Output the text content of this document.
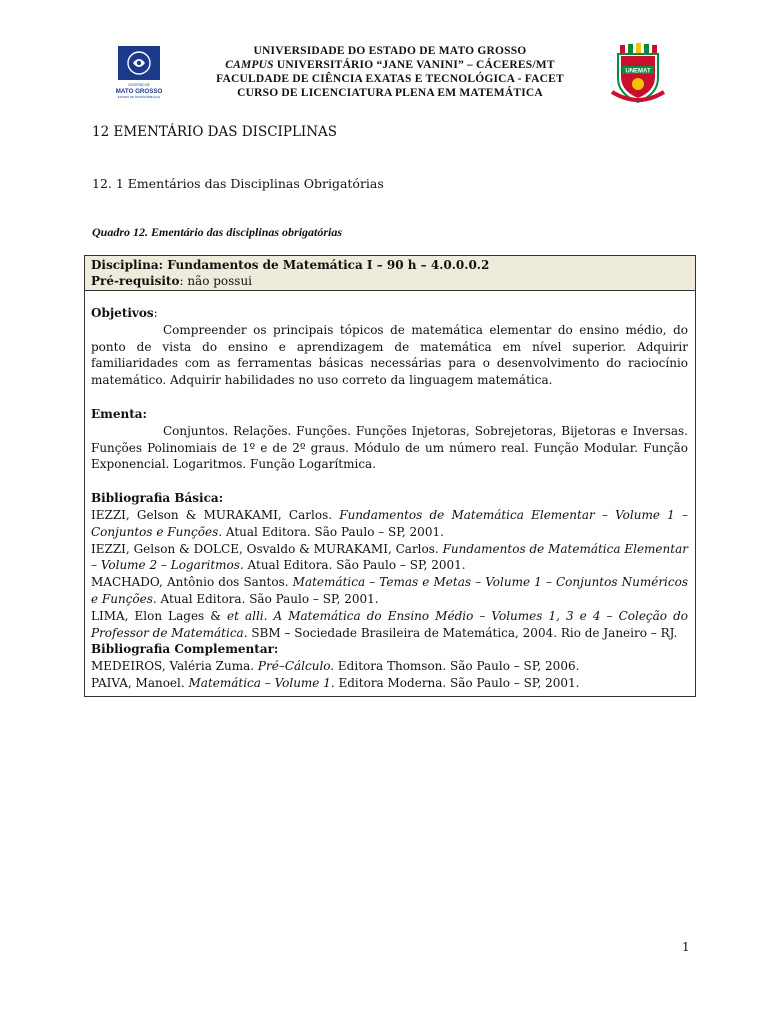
GOVERNO DE
MATO GROSSO
ESTADO DE TRANSFORMAÇÃO
UNIVERSIDADE DO ESTADO DE MATO GROSSO
CAMPUS UNIVERSITÁRIO “JANE VANINI” – CÁCERES/MT
FACULDADE DE CIÊNCIA EXATAS E TECNOLÓGICA - FACET
CURSO DE LICENCIATURA PLENA EM MATEMÁTICA
UNEMAT
12 EMENTÁRIO DAS DISCIPLINAS
12. 1 Ementários das Disciplinas Obrigatórias
Quadro 12. Ementário das disciplinas obrigatórias
Disciplina: Fundamentos de Matemática I – 90 h – 4.0.0.0.2
Pré-requisito: não possui
Objetivos:
Compreender os principais tópicos de matemática elementar do ensino médio, do ponto de vista do ensino e aprendizagem de matemática em nível superior. Adquirir familiaridades com as ferramentas básicas necessárias para o desenvolvimento do raciocínio matemático. Adquirir habilidades no uso correto da linguagem matemática.
Ementa:
Conjuntos. Relações. Funções. Funções Injetoras, Sobrejetoras, Bijetoras e Inversas. Funções Polinomiais de 1º e de 2º graus. Módulo de um número real. Função Modular. Função Exponencial. Logaritmos. Função Logarítmica.
Bibliografia Básica:
IEZZI, Gelson & MURAKAMI, Carlos. Fundamentos de Matemática Elementar – Volume 1 – Conjuntos e Funções. Atual Editora. São Paulo – SP, 2001.
IEZZI, Gelson & DOLCE, Osvaldo & MURAKAMI, Carlos. Fundamentos de Matemática Elementar – Volume 2 – Logaritmos. Atual Editora. São Paulo – SP, 2001.
MACHADO, Antônio dos Santos. Matemática – Temas e Metas – Volume 1 – Conjuntos Numéricos e Funções. Atual Editora. São Paulo – SP, 2001.
LIMA, Elon Lages & et alli. A Matemática do Ensino Médio – Volumes 1, 3 e 4 – Coleção do Professor de Matemática. SBM – Sociedade Brasileira de Matemática, 2004. Rio de Janeiro – RJ.
Bibliografia Complementar:
MEDEIROS, Valéria Zuma. Pré–Cálculo. Editora Thomson. São Paulo – SP, 2006.
PAIVA, Manoel. Matemática – Volume 1. Editora Moderna. São Paulo – SP, 2001.
1
